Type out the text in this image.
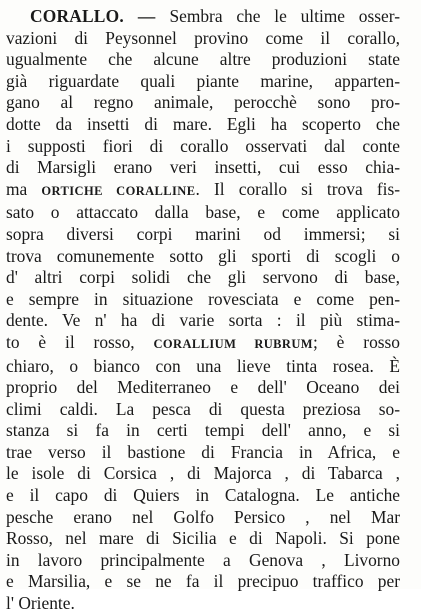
CORALLO. — Sembra che le ultime osser-
vazioni di Peysonnel provino come il corallo,
ugualmente che alcune altre produzioni state
già riguardate quali piante marine, apparten-
gano al regno animale, perocchè sono pro-
dotte da insetti di mare. Egli ha scoperto che
i supposti fiori di corallo osservati dal conte
di Marsigli erano veri insetti, cui esso chia-
ma ORTICHE CORALLINE. Il corallo si trova fis-
sato o attaccato dalla base, e come applicato
sopra diversi corpi marini od immersi; si
trova comunemente sotto gli sporti di scogli o
d' altri corpi solidi che gli servono di base,
e sempre in situazione rovesciata e come pen-
dente. Ve n' ha di varie sorta : il più stima-
to è il rosso, CORALLIUM RUBRUM; è rosso
chiaro, o bianco con una lieve tinta rosea. È
proprio del Mediterraneo e dell' Oceano dei
climi caldi. La pesca di questa preziosa so-
stanza si fa in certi tempi dell' anno, e si
trae verso il bastione di Francia in Africa, e
le isole di Corsica , di Majorca , di Tabarca ,
e il capo di Quiers in Catalogna. Le antiche
pesche erano nel Golfo Persico , nel Mar
Rosso, nel mare di Sicilia e di Napoli. Si pone
in lavoro principalmente a Genova , Livorno
e Marsilia, e se ne fa il precipuo traffico per
l' Oriente.
